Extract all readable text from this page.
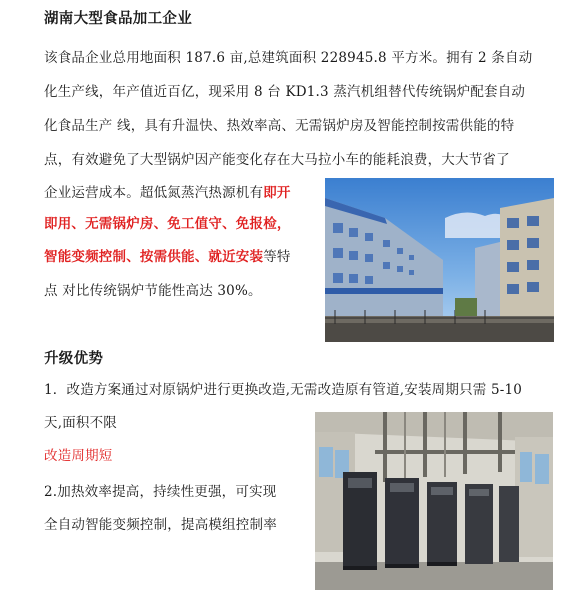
湖南大型食品加工企业
该食品企业总用地面积 187.6 亩,总建筑面积 228945.8 平方米。拥有 2 条自动
化生产线，年产值近百亿，现采用 8 台 KD1.3 蒸汽机组替代传统锅炉配套自动
化食品生产 线，具有升温快、热效率高、无需锅炉房及智能控制按需供能的特
点，有效避免了大型锅炉因产能变化存在大马拉小车的能耗浪费，大大节省了
企业运营成本。超低氮蒸汽热源机有即开
即用、无需锅炉房、免工值守、免报检，
智能变频控制、按需供能、就近安装等特
点 对比传统锅炉节能性高达 30%。
升级优势
1．改造方案通过对原锅炉进行更换改造,无需改造原有管道,安装周期只需 5-10
天,面积不限
改造周期短
2.加热效率提高，持续性更强，可实现
全自动智能变频控制，提高模组控制率
